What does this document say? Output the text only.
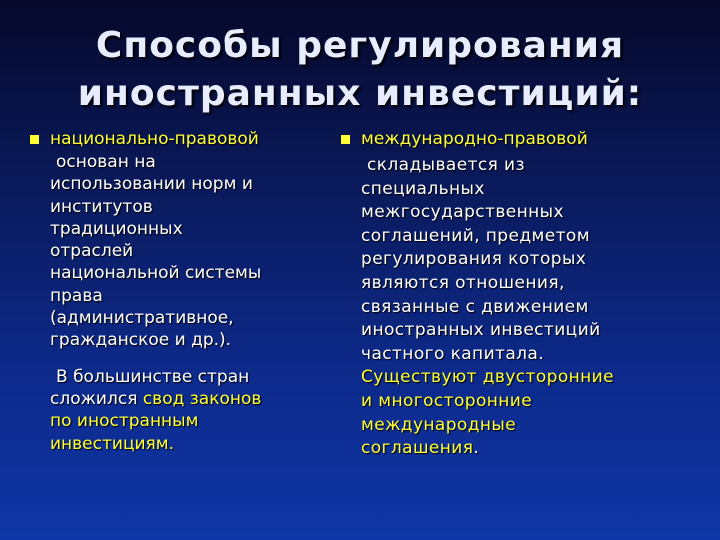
Способы регулирования
иностранных инвестиций:
национально-правовой
основан на
использовании норм и
институтов
традиционных
отраслей
национальной системы
права
(административное,
гражданское и др.).
В большинстве стран
сложился свод законов
по иностранным
инвестициям.
международно-правовой
складывается из
специальных
межгосударственных
соглашений, предметом
регулирования которых
являются отношения,
связанные с движением
иностранных инвестиций
частного капитала.
Существуют двусторонние
и многосторонние
международные
соглашения.
